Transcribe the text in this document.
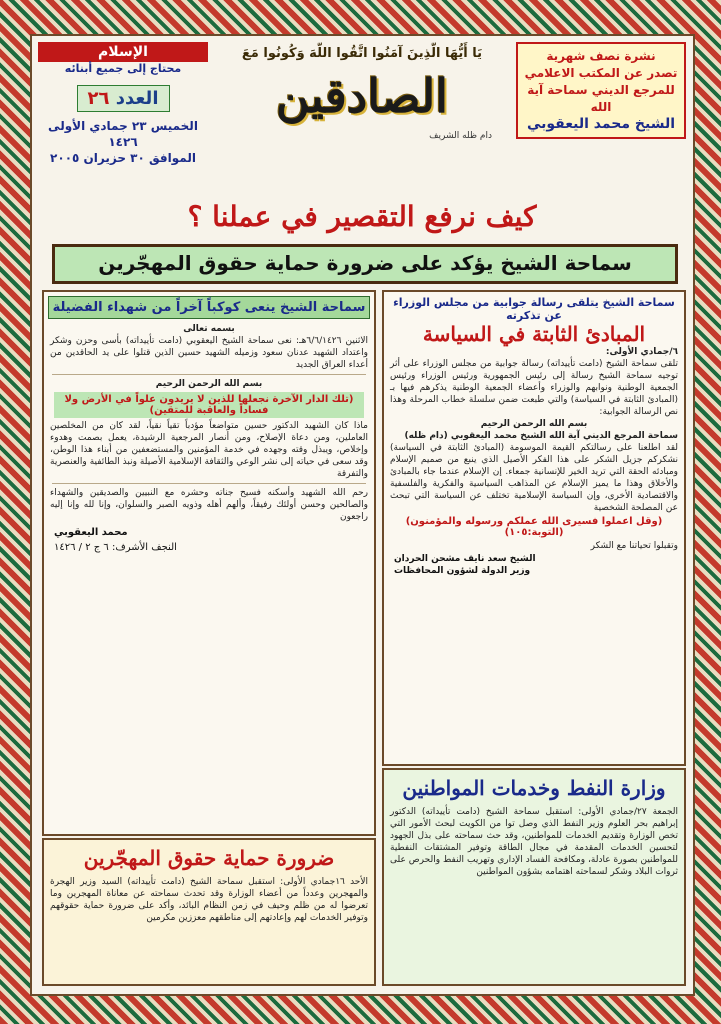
الإسلام
محتاج إلى جميع أبنائه
العدد ٢٦
الخميس ٢٣ جمادي الأولى ١٤٢٦
الموافق ٣٠ حزيران ٢٠٠٥
يَا أَيُّهَا الَّذِينَ آمَنُوا اتَّقُوا اللَّهَ وَكُونُوا مَعَ
الصادقين
دام ظله الشريف
نشرة نصف شهرية
تصدر عن المكتب الاعلامي
للمرجع الديني سماحة آية الله
الشيخ محمد اليعقوبي
كيف نرفع التقصير في عملنا ؟
سماحة الشيخ يؤكد على ضرورة حماية حقوق المهجّرين
سماحة الشيخ ينعى كوكباً آخراً من شهداء الفضيلة
بسمه تعالى
الاثنين ٦/٦/١٤٢٦هـ: نعى سماحة الشيخ اليعقوبي (دامت تأييداته) بأسى وحزن وشكر واعتداد الشهيد عدنان سعود وزميله الشهيد حسين الذين قتلوا على يد الحاقدين من أعداء العراق الجديد
بسم الله الرحمن الرحيم
(تلك الدار الآخرة نجعلها للذين لا يريدون علواً في الأرض ولا فساداً والعاقبة للمتقين)
ماذا كان الشهيد الدكتور حسين متواضعاً مؤدباً تقياً نقياً، لقد كان من المخلصين العاملين، ومن دعاة الإصلاح، ومن أنصار المرجعية الرشيدة، يعمل بصمت وهدوء وإخلاص، ويبذل وقته وجهده في خدمة المؤمنين والمستضعفين من أبناء هذا الوطن، وقد سعى في حياته إلى نشر الوعي والثقافة الإسلامية الأصيلة ونبذ الطائفية والعنصرية والتفرقة
رحم الله الشهيد وأسكنه فسيح جناته وحشره مع النبيين والصديقين والشهداء والصالحين وحسن أولئك رفيقاً، وألهم أهله وذويه الصبر والسلوان، وإنا لله وإنا إليه راجعون
محمد اليعقوبي
النجف الأشرف: ٦ ج ٢ / ١٤٢٦
سماحة الشيخ يتلقى رسالة جوابية من مجلس الوزراء عن تذكرته
المبادئ الثابتة في السياسة
٦/جمادي الأولى:
تلقى سماحة الشيخ (دامت تأييداته) رسالة جوابية من مجلس الوزراء على أثر توجيه سماحة الشيخ رسالة إلى رئيس الجمهورية ورئيس الوزراء ورئيس الجمعية الوطنية ونوابهم والوزراء وأعضاء الجمعية الوطنية يذكرهم فيها بـ (المبادئ الثابتة في السياسة) والتي طبعت ضمن سلسلة خطاب المرحلة وهذا نص الرسالة الجوابية:
بسم الله الرحمن الرحيم
سماحة المرجع الديني آية الله الشيخ محمد اليعقوبي (دام ظله)
لقد اطلعنا على رسالتكم القيمة الموسومة (المبادئ الثابتة في السياسة) نشكركم جزيل الشكر على هذا الفكر الأصيل الذي ينبع من صميم الإسلام ومبادئه الحقة التي تريد الخير للإنسانية جمعاء. إن الإسلام عندما جاء بالمبادئ والأخلاق وهذا ما يميز الإسلام عن المذاهب السياسية والفكرية والفلسفية والاقتصادية الأخرى، وإن السياسة الإسلامية تختلف عن السياسة التي تبحث عن المصلحة الشخصية
(وقل اعملوا فسيرى الله عملكم ورسوله والمؤمنون) (التوبة:١٠٥)
وتقبلوا تحياتنا مع الشكر
الشيخ سعد نايف مشحن الحردان
وزير الدولة لشؤون المحافظات
وزارة النفط وخدمات المواطنين
الجمعة ٢٧/جمادي الأولى: استقبل سماحة الشيخ (دامت تأييداته) الدكتور إبراهيم بحر العلوم وزير النفط الذي وصل توا من الكويت لبحث الأمور التي تخص الوزارة وتقديم الخدمات للمواطنين، وقد حث سماحته على بذل الجهود لتحسين الخدمات المقدمة في مجال الطاقة وتوفير المشتقات النفطية للمواطنين بصورة عادلة، ومكافحة الفساد الإداري وتهريب النفط والحرص على ثروات البلاد وشكر لسماحته اهتمامه بشؤون المواطنين
ضرورة حماية حقوق المهجّرين
الأحد ١٦جمادي الأولى: استقبل سماحة الشيخ (دامت تأييداته) السيد وزير الهجرة والمهجرين وعدداً من أعضاء الوزارة وقد تحدث سماحته عن معاناة المهجرين وما تعرضوا له من ظلم وحيف في زمن النظام البائد، وأكد على ضرورة حماية حقوقهم وتوفير الخدمات لهم وإعادتهم إلى مناطقهم معززين مكرمين
